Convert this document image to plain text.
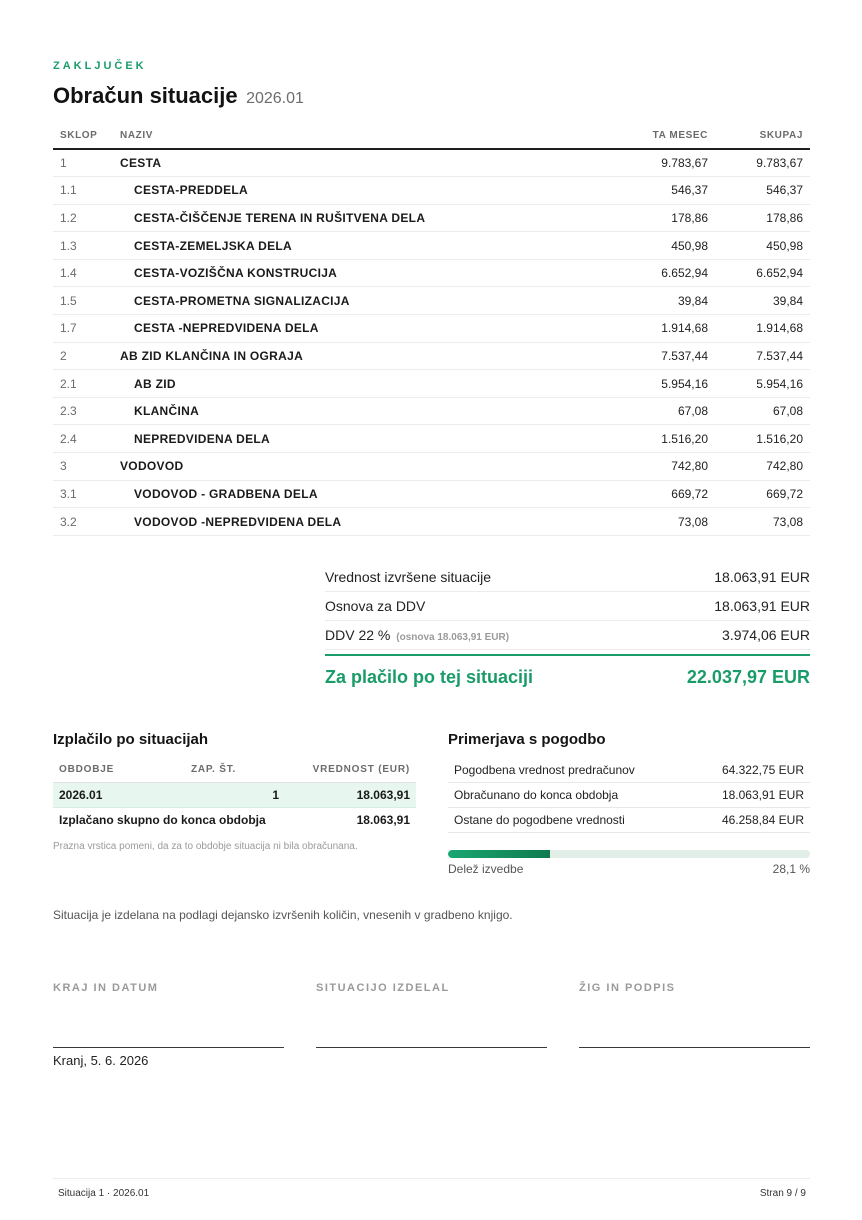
ZAKLJUČEK
Obračun situacije 2026.01
SKLOP	NAZIV	TA MESEC	SKUPAJ
1	CESTA	9.783,67	9.783,67
1.1	CESTA-PREDDELA	546,37	546,37
1.2	CESTA-ČIŠČENJE TERENA IN RUŠITVENA DELA	178,86	178,86
1.3	CESTA-ZEMELJSKA DELA	450,98	450,98
1.4	CESTA-VOZIŠČNA KONSTRUCIJA	6.652,94	6.652,94
1.5	CESTA-PROMETNA SIGNALIZACIJA	39,84	39,84
1.7	CESTA -NEPREDVIDENA DELA	1.914,68	1.914,68
2	AB ZID KLANČINA IN OGRAJA	7.537,44	7.537,44
2.1	AB ZID	5.954,16	5.954,16
2.3	KLANČINA	67,08	67,08
2.4	NEPREDVIDENA DELA	1.516,20	1.516,20
3	VODOVOD	742,80	742,80
3.1	VODOVOD - GRADBENA DELA	669,72	669,72
3.2	VODOVOD -NEPREDVIDENA DELA	73,08	73,08
Vrednost izvršene situacije	18.063,91 EUR
Osnova za DDV	18.063,91 EUR
DDV 22 % (osnova 18.063,91 EUR)	3.974,06 EUR
Za plačilo po tej situaciji	22.037,97 EUR
Izplačilo po situacijah
OBDOBJE	ZAP. ŠT.	VREDNOST (EUR)
2026.01	1	18.063,91
Izplačano skupno do konca obdobja		18.063,91
Prazna vrstica pomeni, da za to obdobje situacija ni bila obračunana.
Primerjava s pogodbo
Pogodbena vrednost predračunov	64.322,75 EUR
Obračunano do konca obdobja	18.063,91 EUR
Ostane do pogodbene vrednosti	46.258,84 EUR
Delež izvedbe	28,1 %
Situacija je izdelana na podlagi dejansko izvršenih količin, vnesenih v gradbeno knjigo.
KRAJ IN DATUM
Kranj, 5. 6. 2026
SITUACIJO IZDELAL	ŽIG IN PODPIS
Situacija 1 · 2026.01	Stran 9 / 9
